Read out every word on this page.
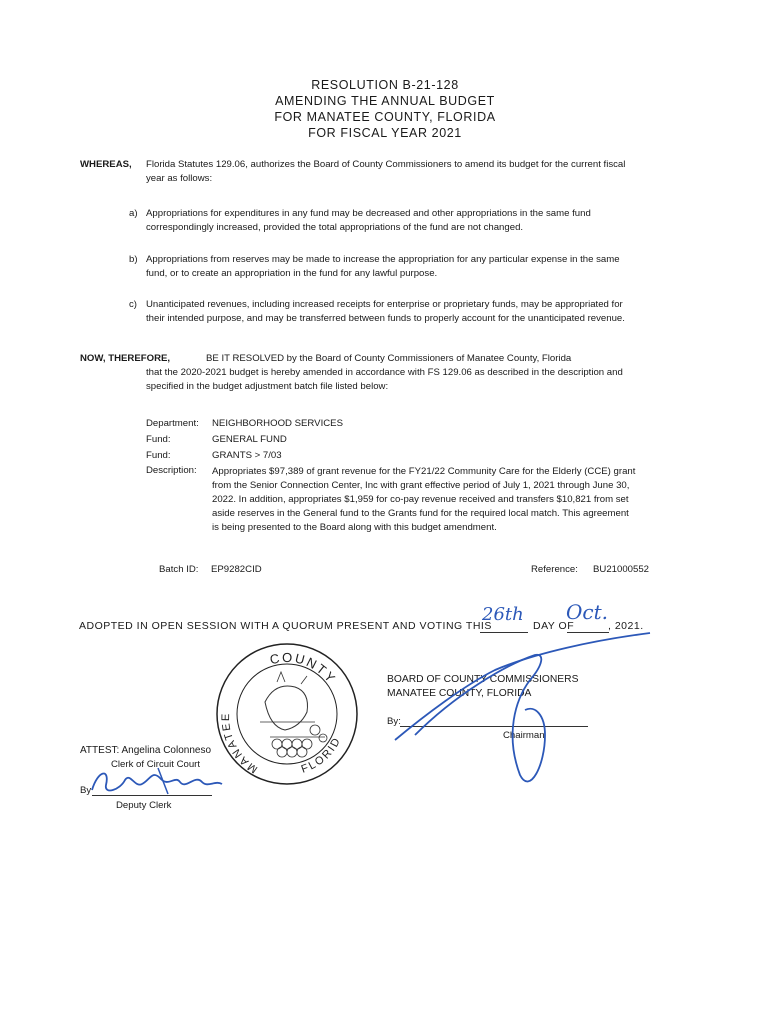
RESOLUTION B-21-128
AMENDING THE ANNUAL BUDGET
FOR MANATEE COUNTY, FLORIDA
FOR FISCAL YEAR 2021
WHEREAS, Florida Statutes 129.06, authorizes the Board of County Commissioners to amend its budget for the current fiscal
year as follows:
a) Appropriations for expenditures in any fund may be decreased and other appropriations in the same fund
correspondingly increased, provided the total appropriations of the fund are not changed.
b) Appropriations from reserves may be made to increase the appropriation for any particular expense in the same
fund, or to create an appropriation in the fund for any lawful purpose.
c) Unanticipated revenues, including increased receipts for enterprise or proprietary funds, may be appropriated for
their intended purpose, and may be transferred between funds to properly account for the unanticipated revenue.
NOW, THEREFORE,	BE IT RESOLVED by the Board of County Commissioners of Manatee County, Florida
that the 2020-2021 budget is hereby amended in accordance with FS 129.06 as described in the description and
specified in the budget adjustment batch file listed below:
Department: NEIGHBORHOOD SERVICES
Fund:	GENERAL FUND
Fund:	GRANTS > 7/03
Description: Appropriates $97,389 of grant revenue for the FY21/22 Community Care for the Elderly (CCE) grant
from the Senior Connection Center, Inc with grant effective period of July 1, 2021 through June 30,
2022. In addition, appropriates $1,959 for co-pay revenue received and transfers $10,821 from set
aside reserves in the General fund to the Grants fund for the required local match. This agreement
is being presented to the Board along with this budget amendment.
Batch ID: EP9282CID	Reference: BU21000552
ADOPTED IN OPEN SESSION WITH A QUORUM PRESENT AND VOTING THIS
26th
DAY OF
Oct.
, 2021.
COUNTY
MANATEE
FLORID
BOARD OF COUNTY COMMISSIONERS
MANATEE COUNTY, FLORIDA
By:
Chairman
ATTEST: Angelina Colonneso
Clerk of Circuit Court
By
Deputy Clerk
